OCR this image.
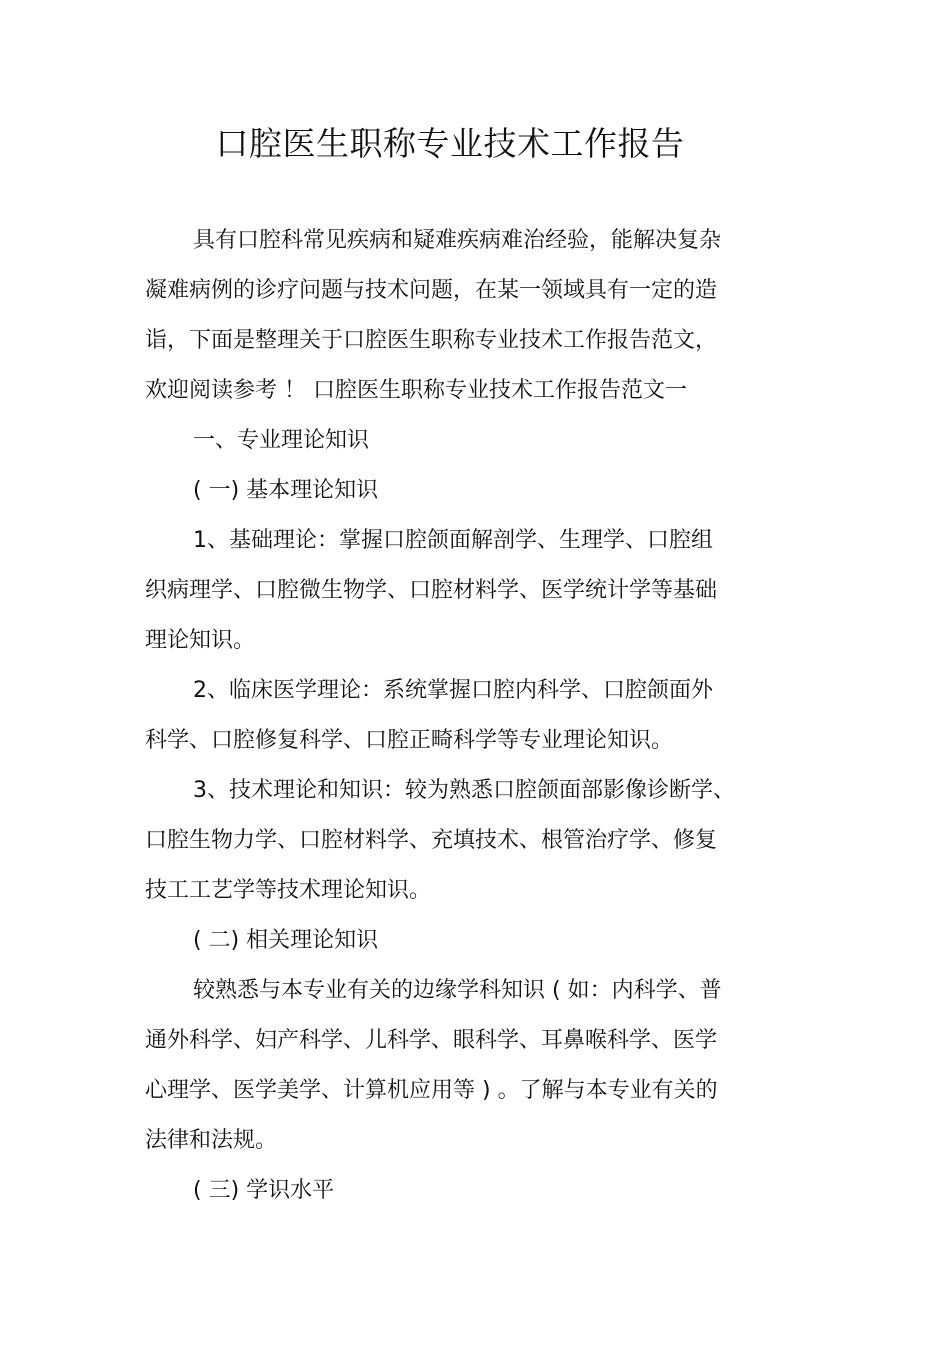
口腔医生职称专业技术工作报告

具有口腔科常见疾病和疑难疾病难治经验，能解决复杂

凝难病例的诊疗问题与技术问题，在某一领域具有一定的造

诣，下面是整理关于口腔医生职称专业技术工作报告范文，

欢迎阅读参考 ！ 口腔医生职称专业技术工作报告范文一

一、专业理论知识

( 一) 基本理论知识

1、基础理论：掌握口腔颌面解剖学、生理学、口腔组

织病理学、口腔微生物学、口腔材料学、医学统计学等基础

理论知识。

2、临床医学理论：系统掌握口腔内科学、口腔颌面外

科学、口腔修复科学、口腔正畸科学等专业理论知识。

3、技术理论和知识：较为熟悉口腔颌面部影像诊断学、

口腔生物力学、口腔材料学、充填技术、根管治疗学、修复

技工工艺学等技术理论知识。

( 二) 相关理论知识

较熟悉与本专业有关的边缘学科知识 ( 如：内科学、普

通外科学、妇产科学、儿科学、眼科学、耳鼻喉科学、医学

心理学、医学美学、计算机应用等 ) 。了解与本专业有关的

法律和法规。

( 三) 学识水平
